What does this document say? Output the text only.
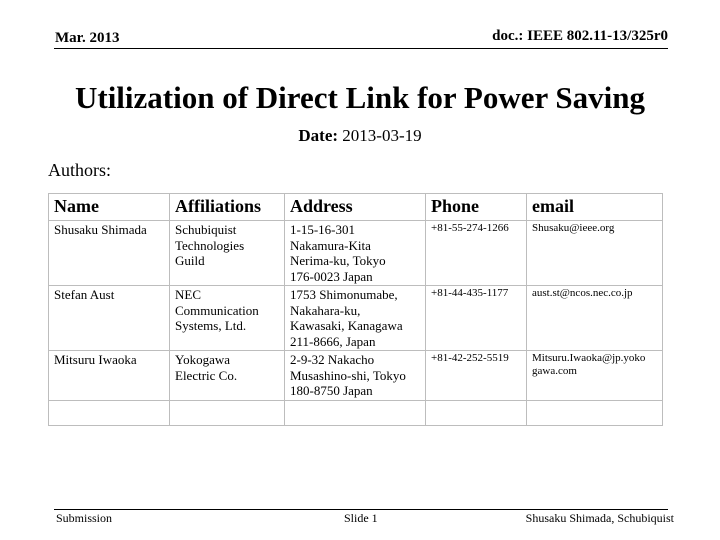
Mar. 2013	doc.: IEEE 802.11-13/325r0
Utilization of Direct Link for Power Saving
Date: 2013-03-19
Authors:
Name	Affiliations	Address	Phone	email

Shusaku Shimada	Schubiquist
Technologies
Guild	1-15-16-301
Nakamura-Kita
Nerima-ku, Tokyo
176-0023 Japan	+81-55-274-1266	Shusaku@ieee.org

Stefan Aust	NEC
Communication
Systems, Ltd.	1753 Shimonumabe,
Nakahara-ku,
Kawasaki, Kanagawa
211-8666, Japan	+81-44-435-1177	aust.st@ncos.nec.co.jp

Mitsuru Iwaoka	Yokogawa
Electric Co.	2-9-32 Nakacho
Musashino-shi, Tokyo
180-8750 Japan	+81-42-252-5519	Mitsuru.Iwaoka@jp.yoko
gawa.com

Submission	Slide 1	Shusaku Shimada, Schubiquist
